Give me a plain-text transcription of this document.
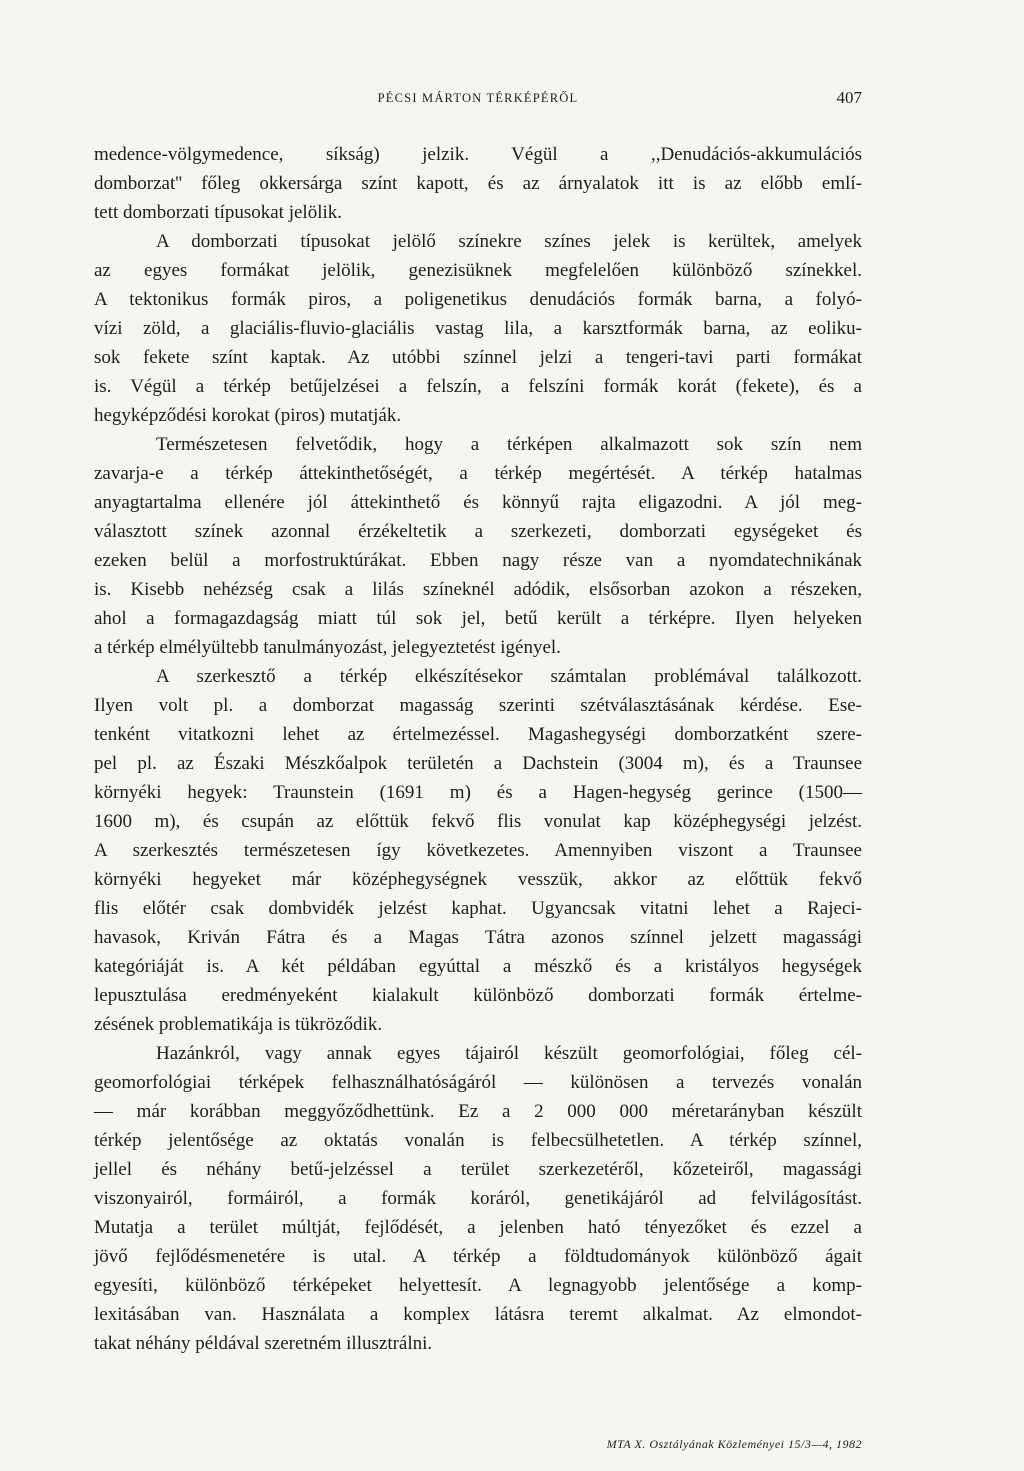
PÉCSI MÁRTON TÉRKÉPÉRŐL	407
medence-völgymedence, síkság) jelzik. Végül a ,,Denudációs-akkumulációs
domborzat'' főleg okkersárga színt kapott, és az árnyalatok itt is az előbb emlí-
tett domborzati típusokat jelölik.
A domborzati típusokat jelölő színekre színes jelek is kerültek, amelyek
az egyes formákat jelölik, genezisüknek megfelelően különböző színekkel.
A tektonikus formák piros, a poligenetikus denudációs formák barna, a folyó-
vízi zöld, a glaciális-fluvio-glaciális vastag lila, a karsztformák barna, az eoliku-
sok fekete színt kaptak. Az utóbbi színnel jelzi a tengeri-tavi parti formákat
is. Végül a térkép betűjelzései a felszín, a felszíni formák korát (fekete), és a
hegyképződési korokat (piros) mutatják.
Természetesen felvetődik, hogy a térképen alkalmazott sok szín nem
zavarja-e a térkép áttekinthetőségét, a térkép megértését. A térkép hatalmas
anyagtartalma ellenére jól áttekinthető és könnyű rajta eligazodni. A jól meg-
választott színek azonnal érzékeltetik a szerkezeti, domborzati egységeket és
ezeken belül a morfostruktúrákat. Ebben nagy része van a nyomdatechnikának
is. Kisebb nehézség csak a lilás színeknél adódik, elsősorban azokon a részeken,
ahol a formagazdagság miatt túl sok jel, betű került a térképre. Ilyen helyeken
a térkép elmélyültebb tanulmányozást, jelegyeztetést igényel.
A szerkesztő a térkép elkészítésekor számtalan problémával találkozott.
Ilyen volt pl. a domborzat magasság szerinti szétválasztásának kérdése. Ese-
tenként vitatkozni lehet az értelmezéssel. Magashegységi domborzatként szere-
pel pl. az Északi Mészkőalpok területén a Dachstein (3004 m), és a Traunsee
környéki hegyek: Traunstein (1691 m) és a Hagen-hegység gerince (1500—
1600 m), és csupán az előttük fekvő flis vonulat kap középhegységi jelzést.
A szerkesztés természetesen így következetes. Amennyiben viszont a Traunsee
környéki hegyeket már középhegységnek vesszük, akkor az előttük fekvő
flis előtér csak dombvidék jelzést kaphat. Ugyancsak vitatni lehet a Rajeci-
havasok, Kriván Fátra és a Magas Tátra azonos színnel jelzett magassági
kategóriáját is. A két példában egyúttal a mészkő és a kristályos hegységek
lepusztulása eredményeként kialakult különböző domborzati formák értelme-
zésének problematikája is tükröződik.
Hazánkról, vagy annak egyes tájairól készült geomorfológiai, főleg cél-
geomorfológiai térképek felhasználhatóságáról — különösen a tervezés vonalán
— már korábban meggyőződhettünk. Ez a 2 000 000 méretarányban készült
térkép jelentősége az oktatás vonalán is felbecsülhetetlen. A térkép színnel,
jellel és néhány betű-jelzéssel a terület szerkezetéről, kőzeteiről, magassági
viszonyairól, formáiról, a formák koráról, genetikájáról ad felvilágosítást.
Mutatja a terület múltját, fejlődését, a jelenben ható tényezőket és ezzel a
jövő fejlődésmenetére is utal. A térkép a földtudományok különböző ágait
egyesíti, különböző térképeket helyettesít. A legnagyobb jelentősége a komp-
lexitásában van. Használata a komplex látásra teremt alkalmat. Az elmondot-
takat néhány példával szeretném illusztrálni.
MTA X. Osztályának Közleményei 15/3—4, 1982
